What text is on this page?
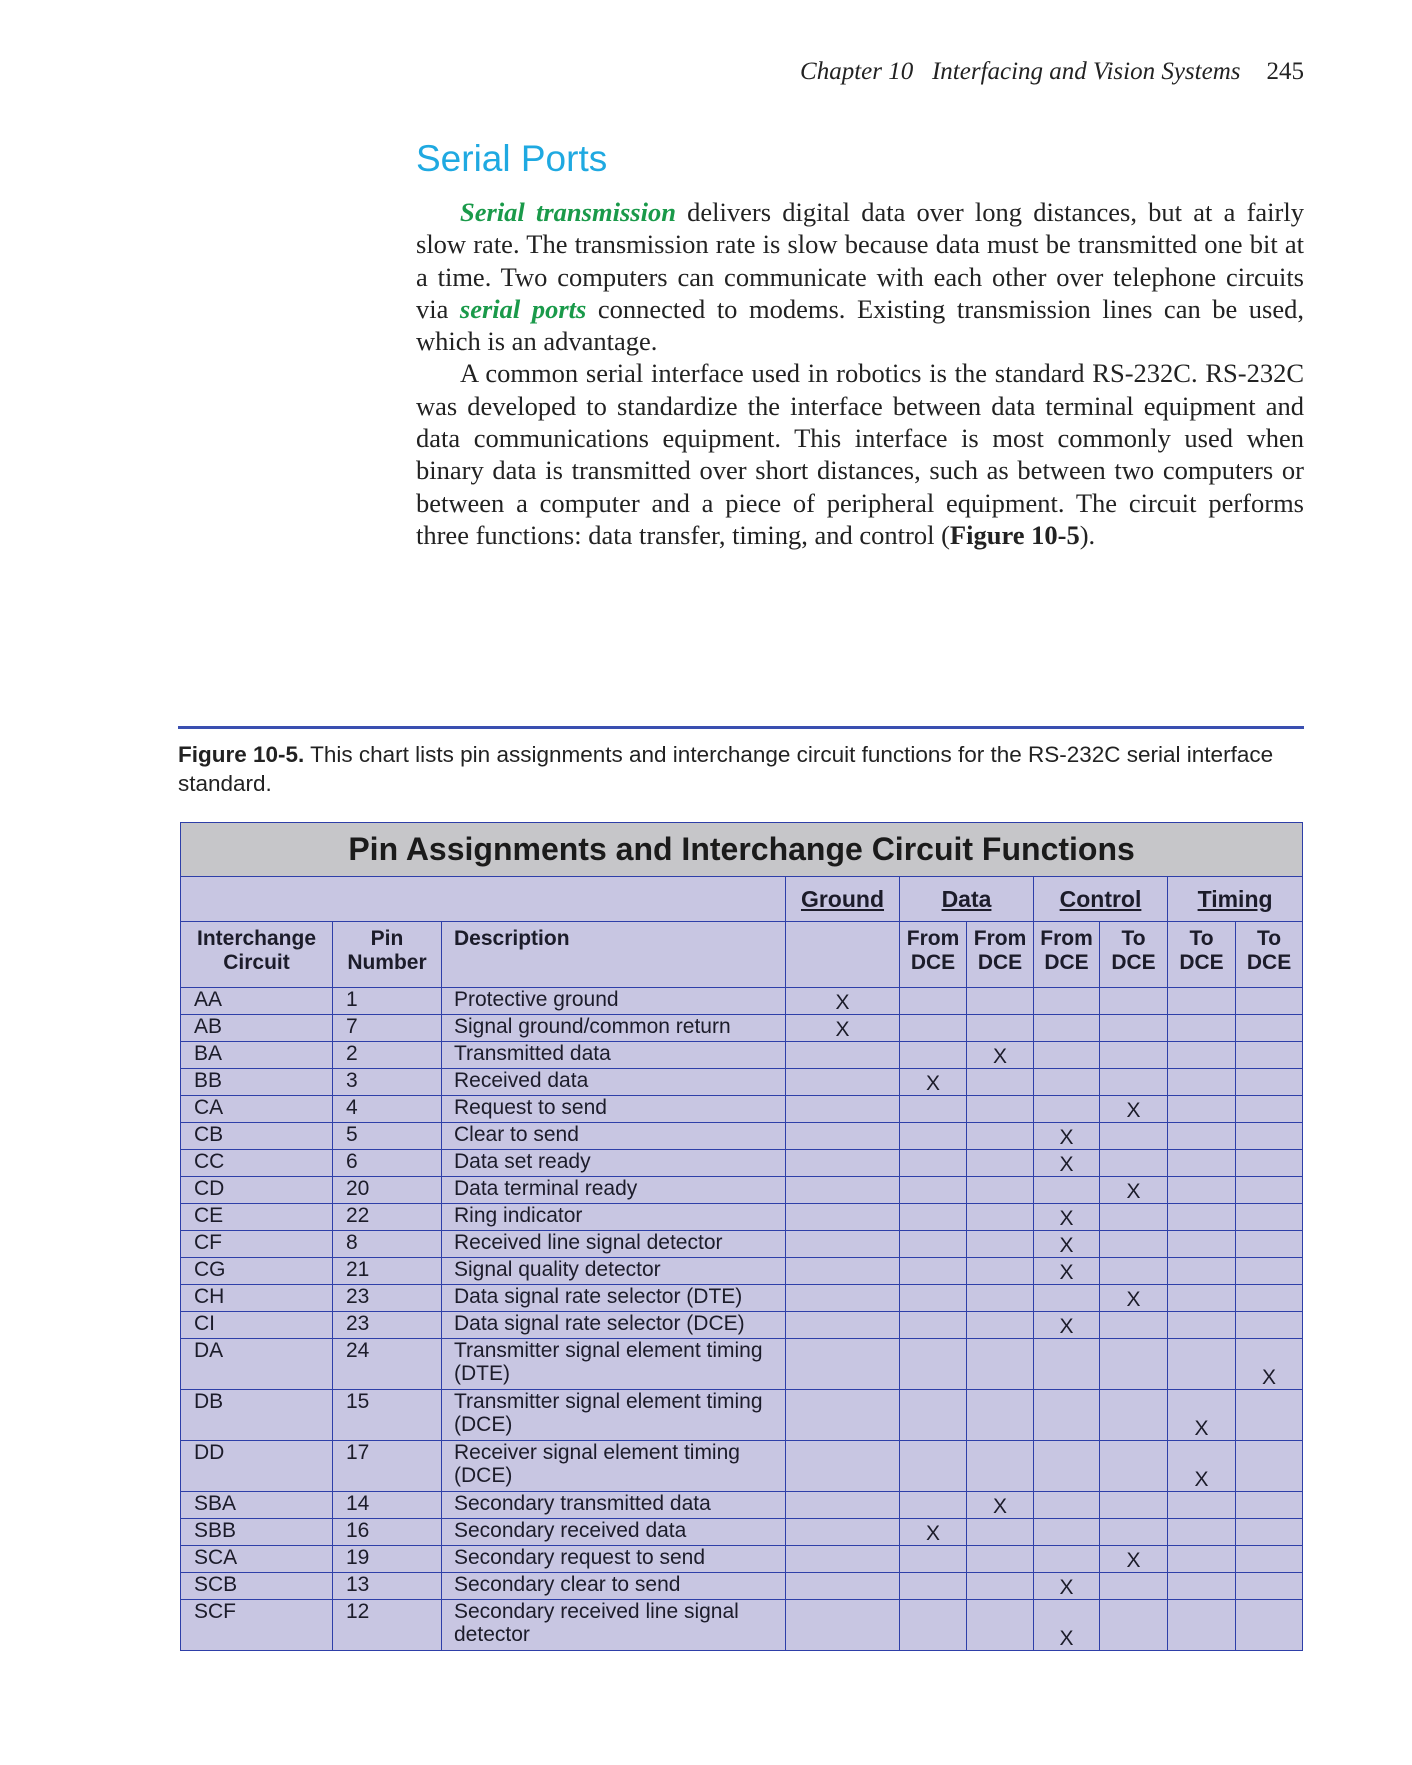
Chapter 10 Interfacing and Vision Systems 245
Serial Ports

Serial transmission delivers digital data over long distances, but at a fairly slow rate. The transmission rate is slow because data must be transmitted one bit at a time. Two computers can communicate with each other over telephone circuits via serial ports connected to modems. Existing transmission lines can be used, which is an advantage.

A common serial interface used in robotics is the standard RS-232C. RS-232C was developed to standardize the interface between data terminal equipment and data communications equipment. This interface is most commonly used when binary data is transmitted over short distances, such as between two computers or between a computer and a piece of peripheral equipment. The circuit performs three functions: data transfer, timing, and control (Figure 10-5).

Figure 10-5. This chart lists pin assignments and interchange circuit functions for the RS-232C serial interface standard.
Pin Assignments and Interchange Circuit Functions									
			Ground	Data		Control		Timing	
Interchange Circuit	Pin Number	Description		From DCE	From DCE	From DCE	To DCE	To DCE	To DCE
AA	1	Protective ground	X						
AB	7	Signal ground/common return	X						
BA	2	Transmitted data			X				
BB	3	Received data		X					
CA	4	Request to send					X		
CB	5	Clear to send				X			
CC	6	Data set ready				X			
CD	20	Data terminal ready					X		
CE	22	Ring indicator				X			
CF	8	Received line signal detector				X			
CG	21	Signal quality detector				X			
CH	23	Data signal rate selector (DTE)					X		
CI	23	Data signal rate selector (DCE)				X			
DA	24	Transmitter signal element timing (DTE)							X
DB	15	Transmitter signal element timing (DCE)						X	
DD	17	Receiver signal element timing (DCE)						X	
SBA	14	Secondary transmitted data			X				
SBB	16	Secondary received data		X					
SCA	19	Secondary request to send					X		
SCB	13	Secondary clear to send				X			
SCF	12	Secondary received line signal detector				X			
